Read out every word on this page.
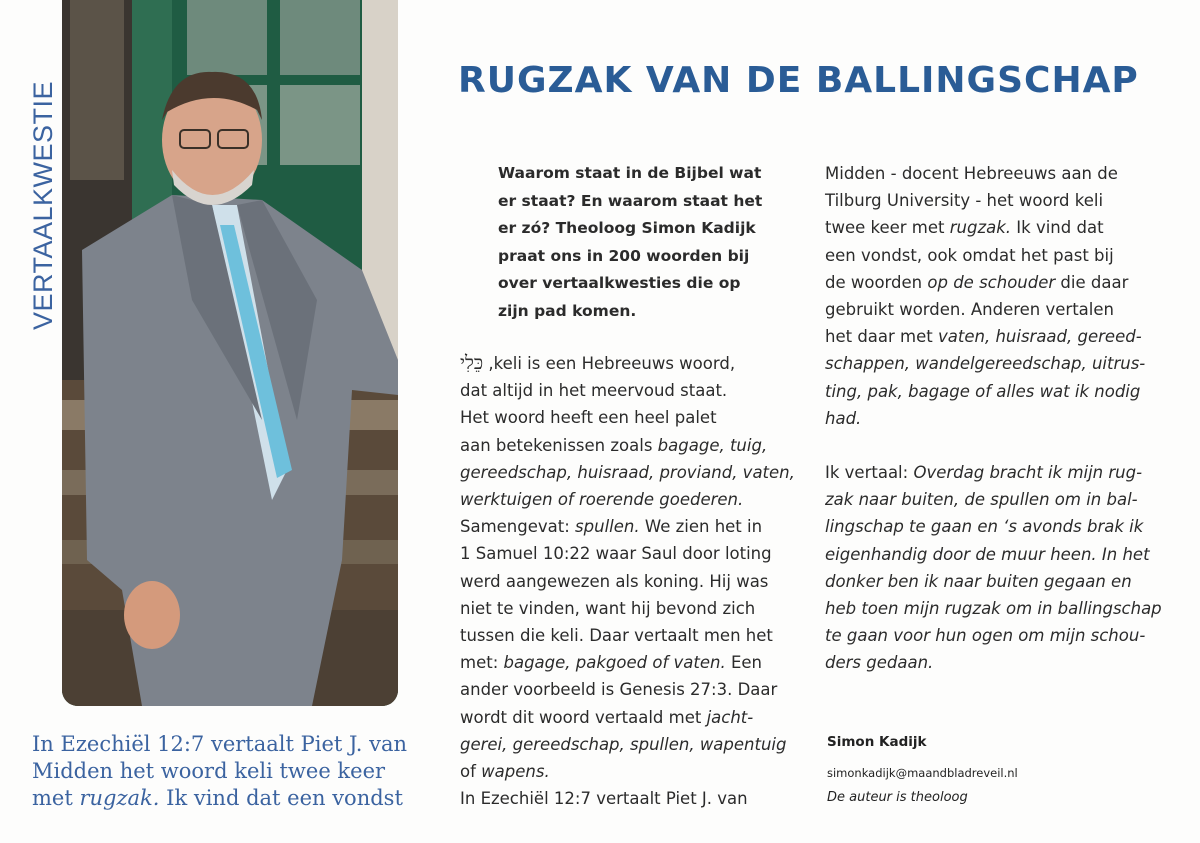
VERTAALKWESTIE
In Ezechiël 12:7 vertaalt Piet J. van
Midden het woord keli twee keer
met rugzak. Ik vind dat een vondst
RUGZAK VAN DE BALLINGSCHAP
Waarom staat in de Bijbel wat
er staat? En waarom staat het
er zó? Theoloog Simon Kadijk
praat ons in 200 woorden bij
over vertaalkwesties die op
zijn pad komen.
כֵּלִי ,keli is een Hebreeuws woord,
dat altijd in het meervoud staat.
Het woord heeft een heel palet
aan betekenissen zoals bagage, tuig,
gereedschap, huisraad, proviand, vaten,
werktuigen of roerende goederen.
Samengevat: spullen. We zien het in
1 Samuel 10:22 waar Saul door loting
werd aangewezen als koning. Hij was
niet te vinden, want hij bevond zich
tussen die keli. Daar vertaalt men het
met: bagage, pakgoed of vaten. Een
ander voorbeeld is Genesis 27:3. Daar
wordt dit woord vertaald met jacht-
gerei, gereedschap, spullen, wapentuig
of wapens.
In Ezechiël 12:7 vertaalt Piet J. van
Midden - docent Hebreeuws aan de
Tilburg University - het woord keli
twee keer met rugzak. Ik vind dat
een vondst, ook omdat het past bij
de woorden op de schouder die daar
gebruikt worden. Anderen vertalen
het daar met vaten, huisraad, gereed-
schappen, wandelgereedschap, uitrus-
ting, pak, bagage of alles wat ik nodig
had.
Ik vertaal: Overdag bracht ik mijn rug-
zak naar buiten, de spullen om in bal-
lingschap te gaan en ‘s avonds brak ik
eigenhandig door de muur heen. In het
donker ben ik naar buiten gegaan en
heb toen mijn rugzak om in ballingschap
te gaan voor hun ogen om mijn schou-
ders gedaan.
Simon Kadijk
simonkadijk@maandbladreveil.nl
De auteur is theoloog
